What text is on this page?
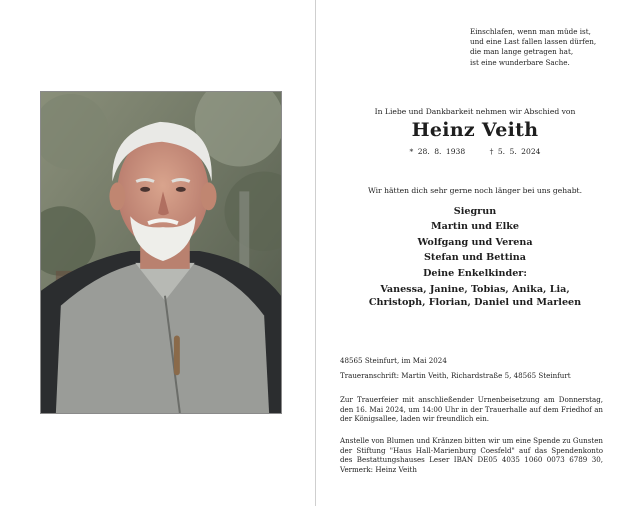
Einschlafen, wenn man müde ist,
und eine Last fallen lassen dürfen,
die man lange getragen hat,
ist eine wunderbare Sache.
In Liebe und Dankbarkeit nehmen wir Abschied von
Heinz Veith
* 28. 8. 1938	† 5. 5. 2024
Wir hätten dich sehr gerne noch länger bei uns gehabt.
Siegrun
Martin und Elke
Wolfgang und Verena
Stefan und Bettina
Deine Enkelkinder:
Vanessa, Janine, Tobias, Anika, Lia,
Christoph, Florian, Daniel und Marleen
48565 Steinfurt, im Mai 2024
Traueranschrift: Martin Veith, Richardstraße 5, 48565 Steinfurt
Zur Trauerfeier mit anschließender Urnenbeisetzung am Donnerstag, den 16. Mai 2024, um 14:00 Uhr in der Trauerhalle auf dem Friedhof an der Königsallee, laden wir freundlich ein.
Anstelle von Blumen und Kränzen bitten wir um eine Spende zu Gunsten der Stiftung "Haus Hall-Marienburg Coesfeld" auf das Spendenkonto des Bestattungshauses Leser IBAN DE05 4035 1060 0073 6789 30, Vermerk: Heinz Veith
